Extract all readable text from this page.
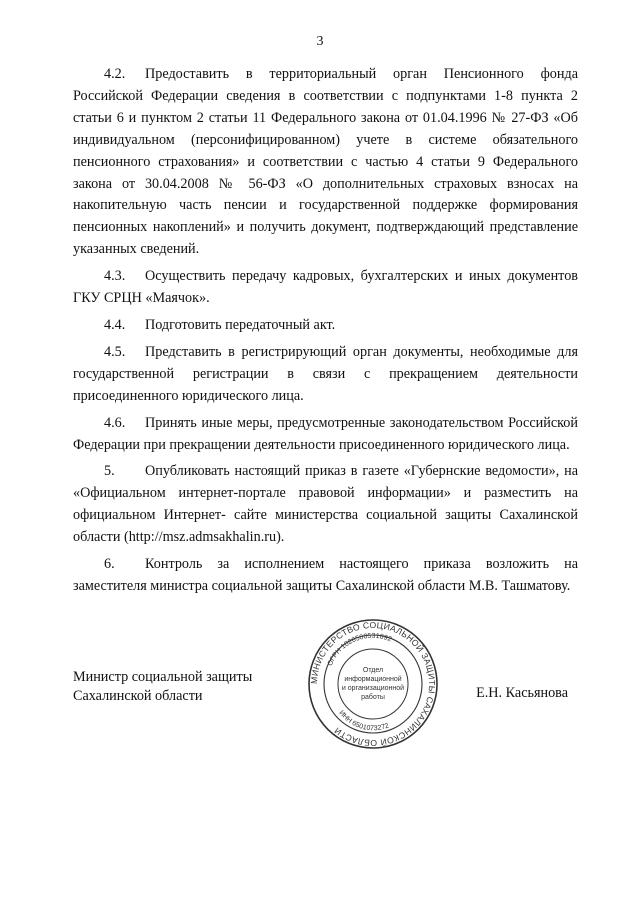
3

4.2. Предоставить в территориальный орган Пенсионного фонда Российской Федерации сведения в соответствии с подпунктами 1-8 пункта 2 статьи 6 и пунктом 2 статьи 11 Федерального закона от 01.04.1996 № 27-ФЗ «Об индивидуальном (персонифицированном) учете в системе обязательного пенсионного страхования» и соответствии с частью 4 статьи 9 Федерального закона от 30.04.2008 № 56-ФЗ «О дополнительных страховых взносах на накопительную часть пенсии и государственной поддержке формирования пенсионных накоплений» и получить документ, подтверждающий представление указанных сведений.

4.3. Осуществить передачу кадровых, бухгалтерских и иных документов ГКУ СРЦН «Маячок».

4.4. Подготовить передаточный акт.

4.5. Представить в регистрирующий орган документы, необходимые для государственной регистрации в связи с прекращением деятельности присоединенного юридического лица.

4.6. Принять иные меры, предусмотренные законодательством Российской Федерации при прекращении деятельности присоединенного юридического лица.

5. Опубликовать настоящий приказ в газете «Губернские ведомости», на «Официальном интернет-портале правовой информации» и разместить на официальном Интернет- сайте министерства социальной защиты Сахалинской области (http://msz.admsakhalin.ru).

6. Контроль за исполнением настоящего приказа возложить на заместителя министра социальной защиты Сахалинской области М.В. Ташматову.

Министр социальной защиты
Сахалинской области
МИНИСТЕРСТВО СОЦИАЛЬНОЙ ЗАЩИТЫ САХАЛИНСКОЙ ОБЛАСТИ
ОГРН 1026500531892
ИНН 6501073272
Отдел
информационной
и организационной
работы	Е.Н. Касьянова
